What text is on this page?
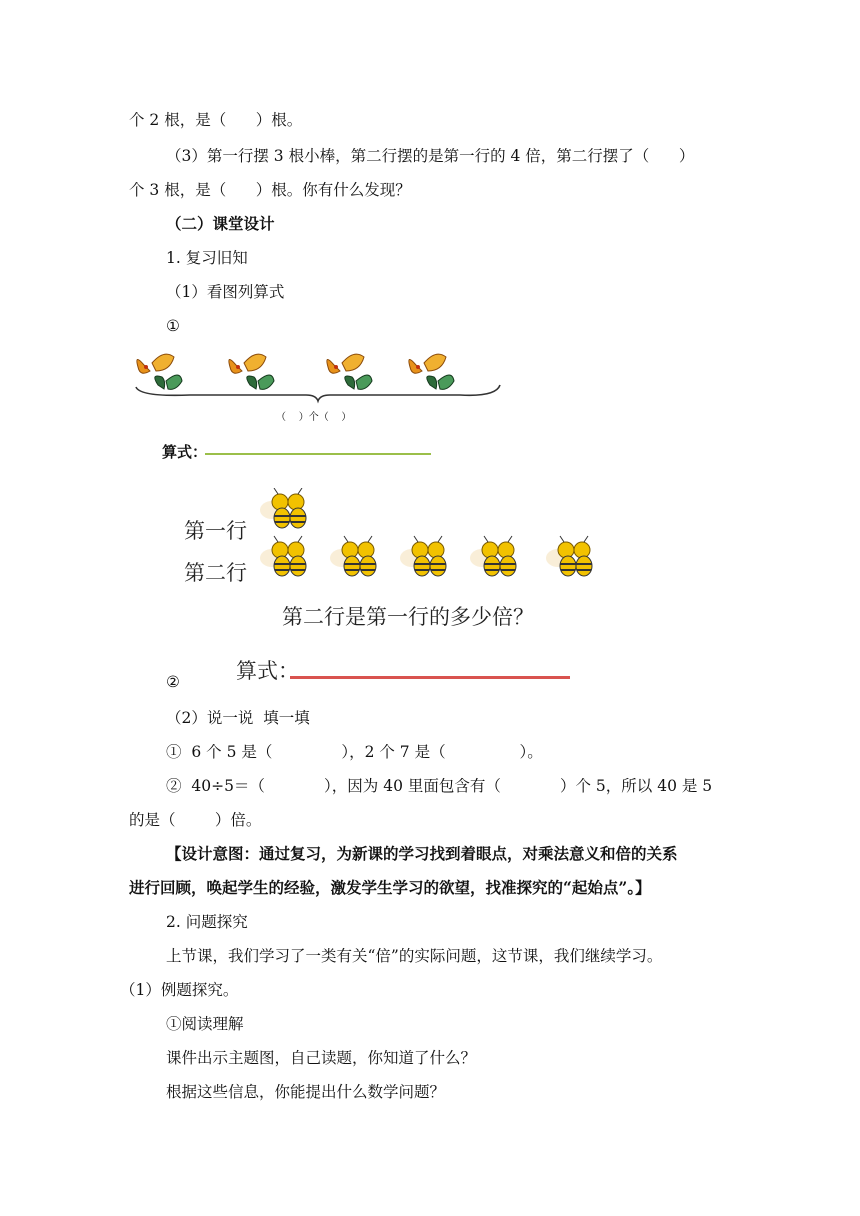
个 2 根，是（      ）根。
（3）第一行摆 3 根小棒，第二行摆的是第一行的 4 倍，第二行摆了（      ）
个 3 根，是（      ）根。你有什么发现？
（二）课堂设计
1. 复习旧知
（1）看图列算式
①
（    ）个（    ）
算式：
第一行
第二行
第二行是第一行的多少倍？
算式：
②
（2）说一说  填一填
①  6 个 5 是（              ），2 个 7 是（               ）。
②  40÷5＝（            ），因为 40 里面包含有（            ）个 5，所以 40 是 5
的是（        ）倍。
【设计意图：通过复习，为新课的学习找到着眼点，对乘法意义和倍的关系
进行回顾，唤起学生的经验，激发学生学习的欲望，找准探究的“起始点”。】
2. 问题探究
上节课，我们学习了一类有关“倍”的实际问题，这节课，我们继续学习。
（1）例题探究。
①阅读理解
课件出示主题图，自己读题，你知道了什么？
根据这些信息，你能提出什么数学问题？
